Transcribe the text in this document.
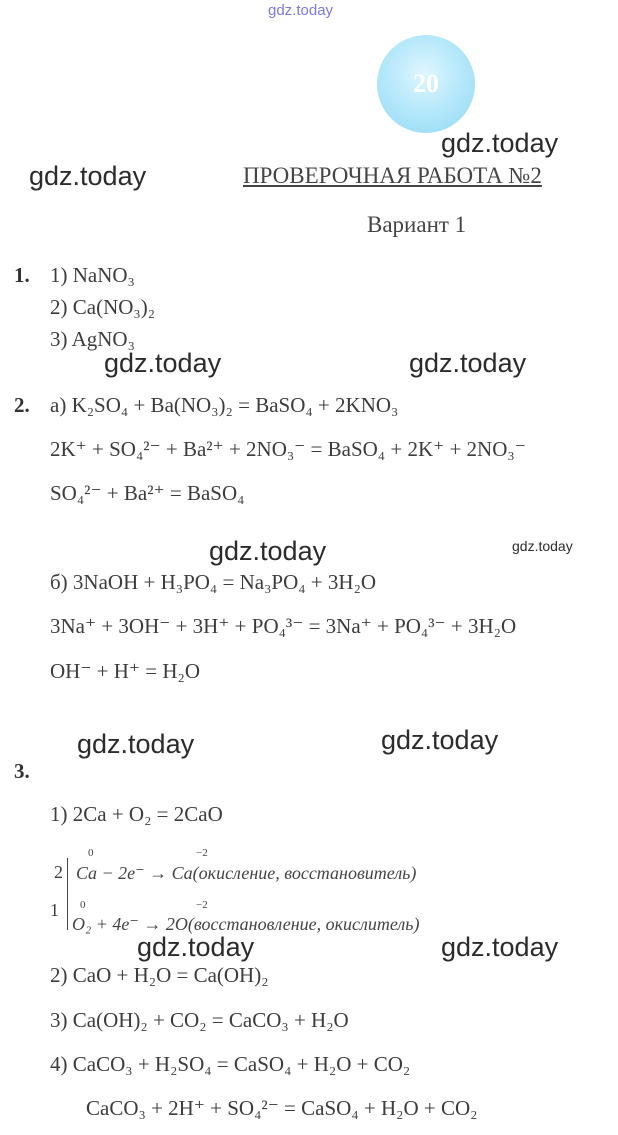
gdz.today
gdz.today
gdz.today
gdz.today	gdz.today
gdz.today	gdz.today
gdz.today	gdz.today
gdz.today	gdz.today
20
ПРОВЕРОЧНАЯ РАБОТА №2
Вариант 1
1. 1) NaNO₃
2) Ca(NO₃)₂
3) AgNO₃
2. а) K₂SO₄ + Ba(NO₃)₂ = BaSO₄ + 2KNO₃
2K⁺ + SO₄²⁻ + Ba²⁺ + 2NO₃⁻ = BaSO₄ + 2K⁺ + 2NO₃⁻
SO₄²⁻ + Ba²⁺ = BaSO₄
б) 3NaOH + H₃PO₄ = Na₃PO₄ + 3H₂O
3Na⁺ + 3OH⁻ + 3H⁺ + PO₄³⁻ = 3Na⁺ + PO₄³⁻ + 3H₂O
OH⁻ + H⁺ = H₂O
3.
1) 2Ca + O₂ = 2CaO
2
1
0	−2
Ca − 2e⁻ → Ca(окисление, восстановитель)
0	−2
O₂ + 4e⁻ → 2O(восстановление, окислитель)
2) CaO + H₂O = Ca(OH)₂
3) Ca(OH)₂ + CO₂ = CaCO₃ + H₂O
4) CaCO₃ + H₂SO₄ = CaSO₄ + H₂O + CO₂
CaCO₃ + 2H⁺ + SO₄²⁻ = CaSO₄ + H₂O + CO₂
